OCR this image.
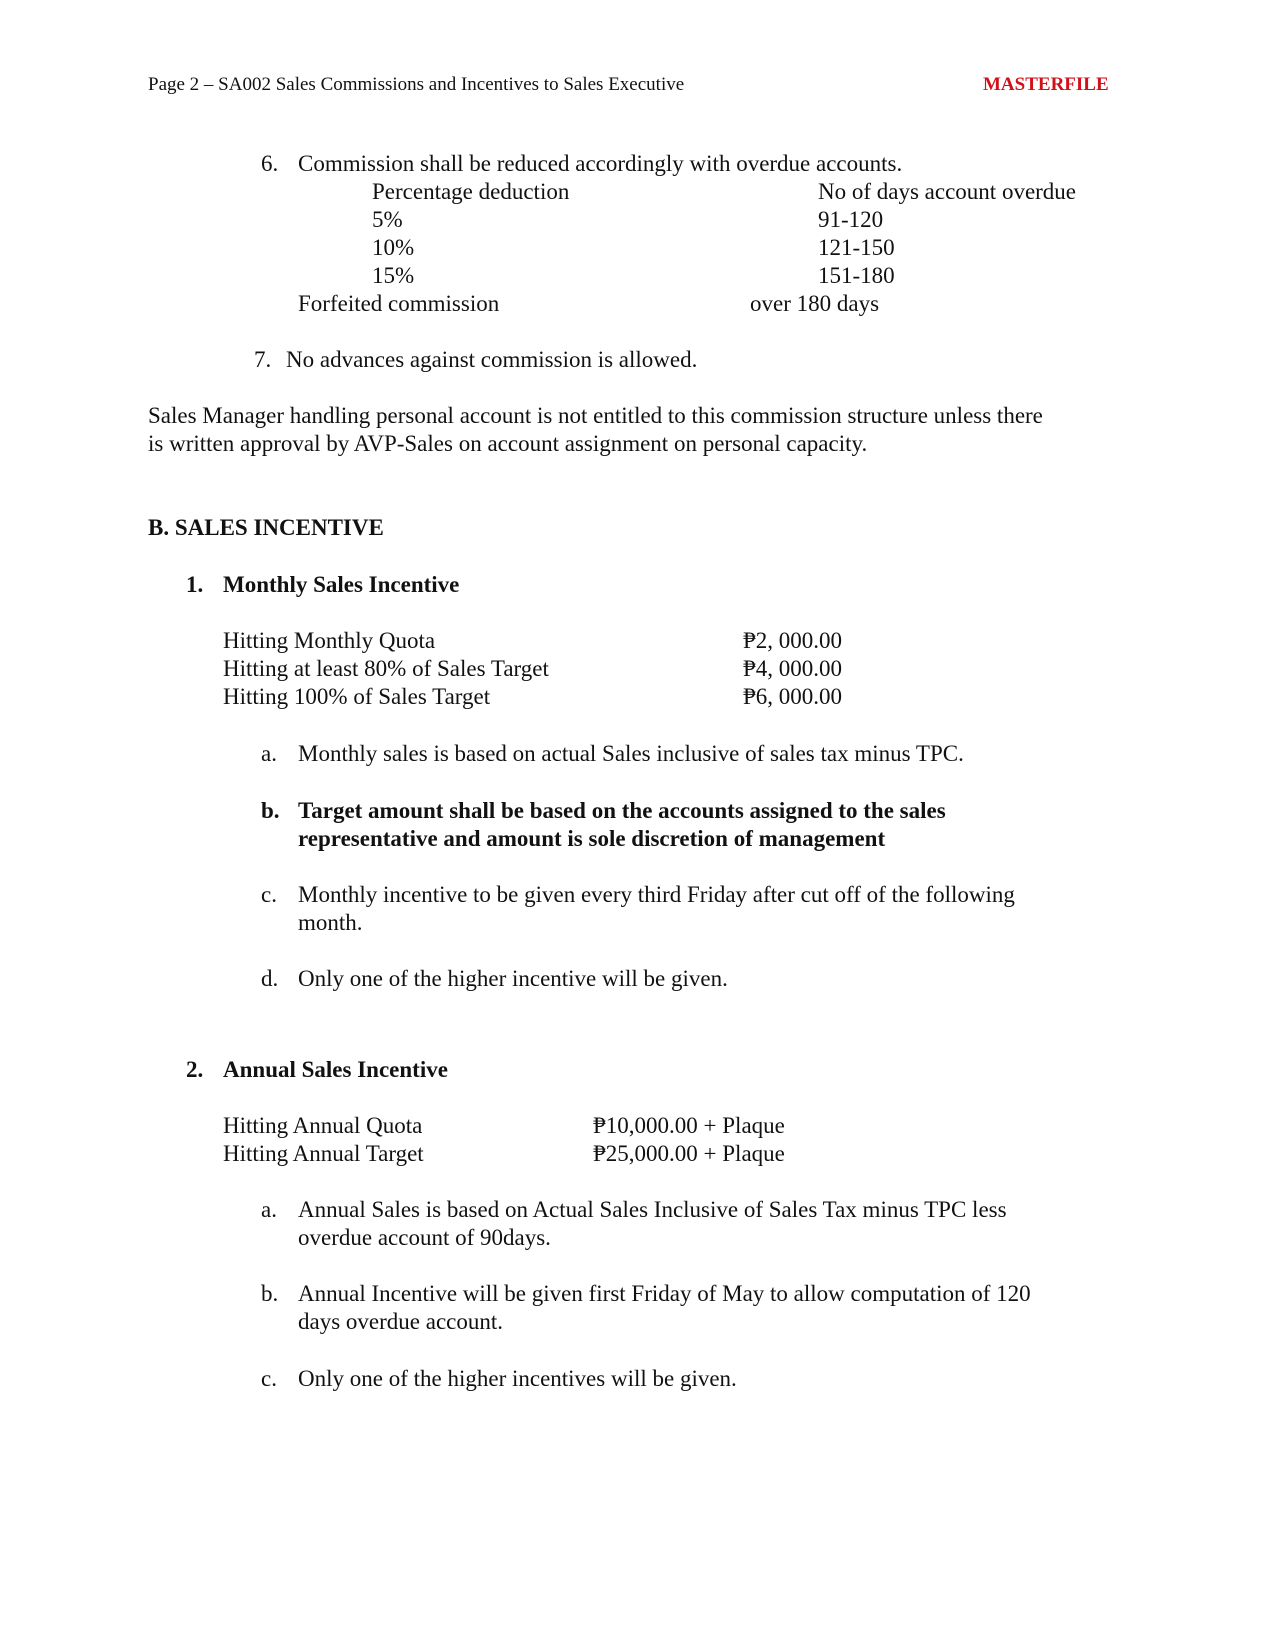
Page 2 – SA002 Sales Commissions and Incentives to Sales Executive	MASTERFILE
6. Commission shall be reduced accordingly with overdue accounts.
Percentage deduction	No of days account overdue
5%	91-120
10%	121-150
15%	151-180
Forfeited commission	over 180 days
7. No advances against commission is allowed.
Sales Manager handling personal account is not entitled to this commission structure unless there
is written approval by AVP-Sales on account assignment on personal capacity.
B. SALES INCENTIVE
1. Monthly Sales Incentive
Hitting Monthly Quota	₱2, 000.00
Hitting at least 80% of Sales Target	₱4, 000.00
Hitting 100% of Sales Target	₱6, 000.00
a. Monthly sales is based on actual Sales inclusive of sales tax minus TPC.
b. Target amount shall be based on the accounts assigned to the sales
representative and amount is sole discretion of management
c. Monthly incentive to be given every third Friday after cut off of the following
month.
d. Only one of the higher incentive will be given.
2. Annual Sales Incentive
Hitting Annual Quota	₱10,000.00 + Plaque
Hitting Annual Target	₱25,000.00 + Plaque
a. Annual Sales is based on Actual Sales Inclusive of Sales Tax minus TPC less
overdue account of 90days.
b. Annual Incentive will be given first Friday of May to allow computation of 120
days overdue account.
c. Only one of the higher incentives will be given.
